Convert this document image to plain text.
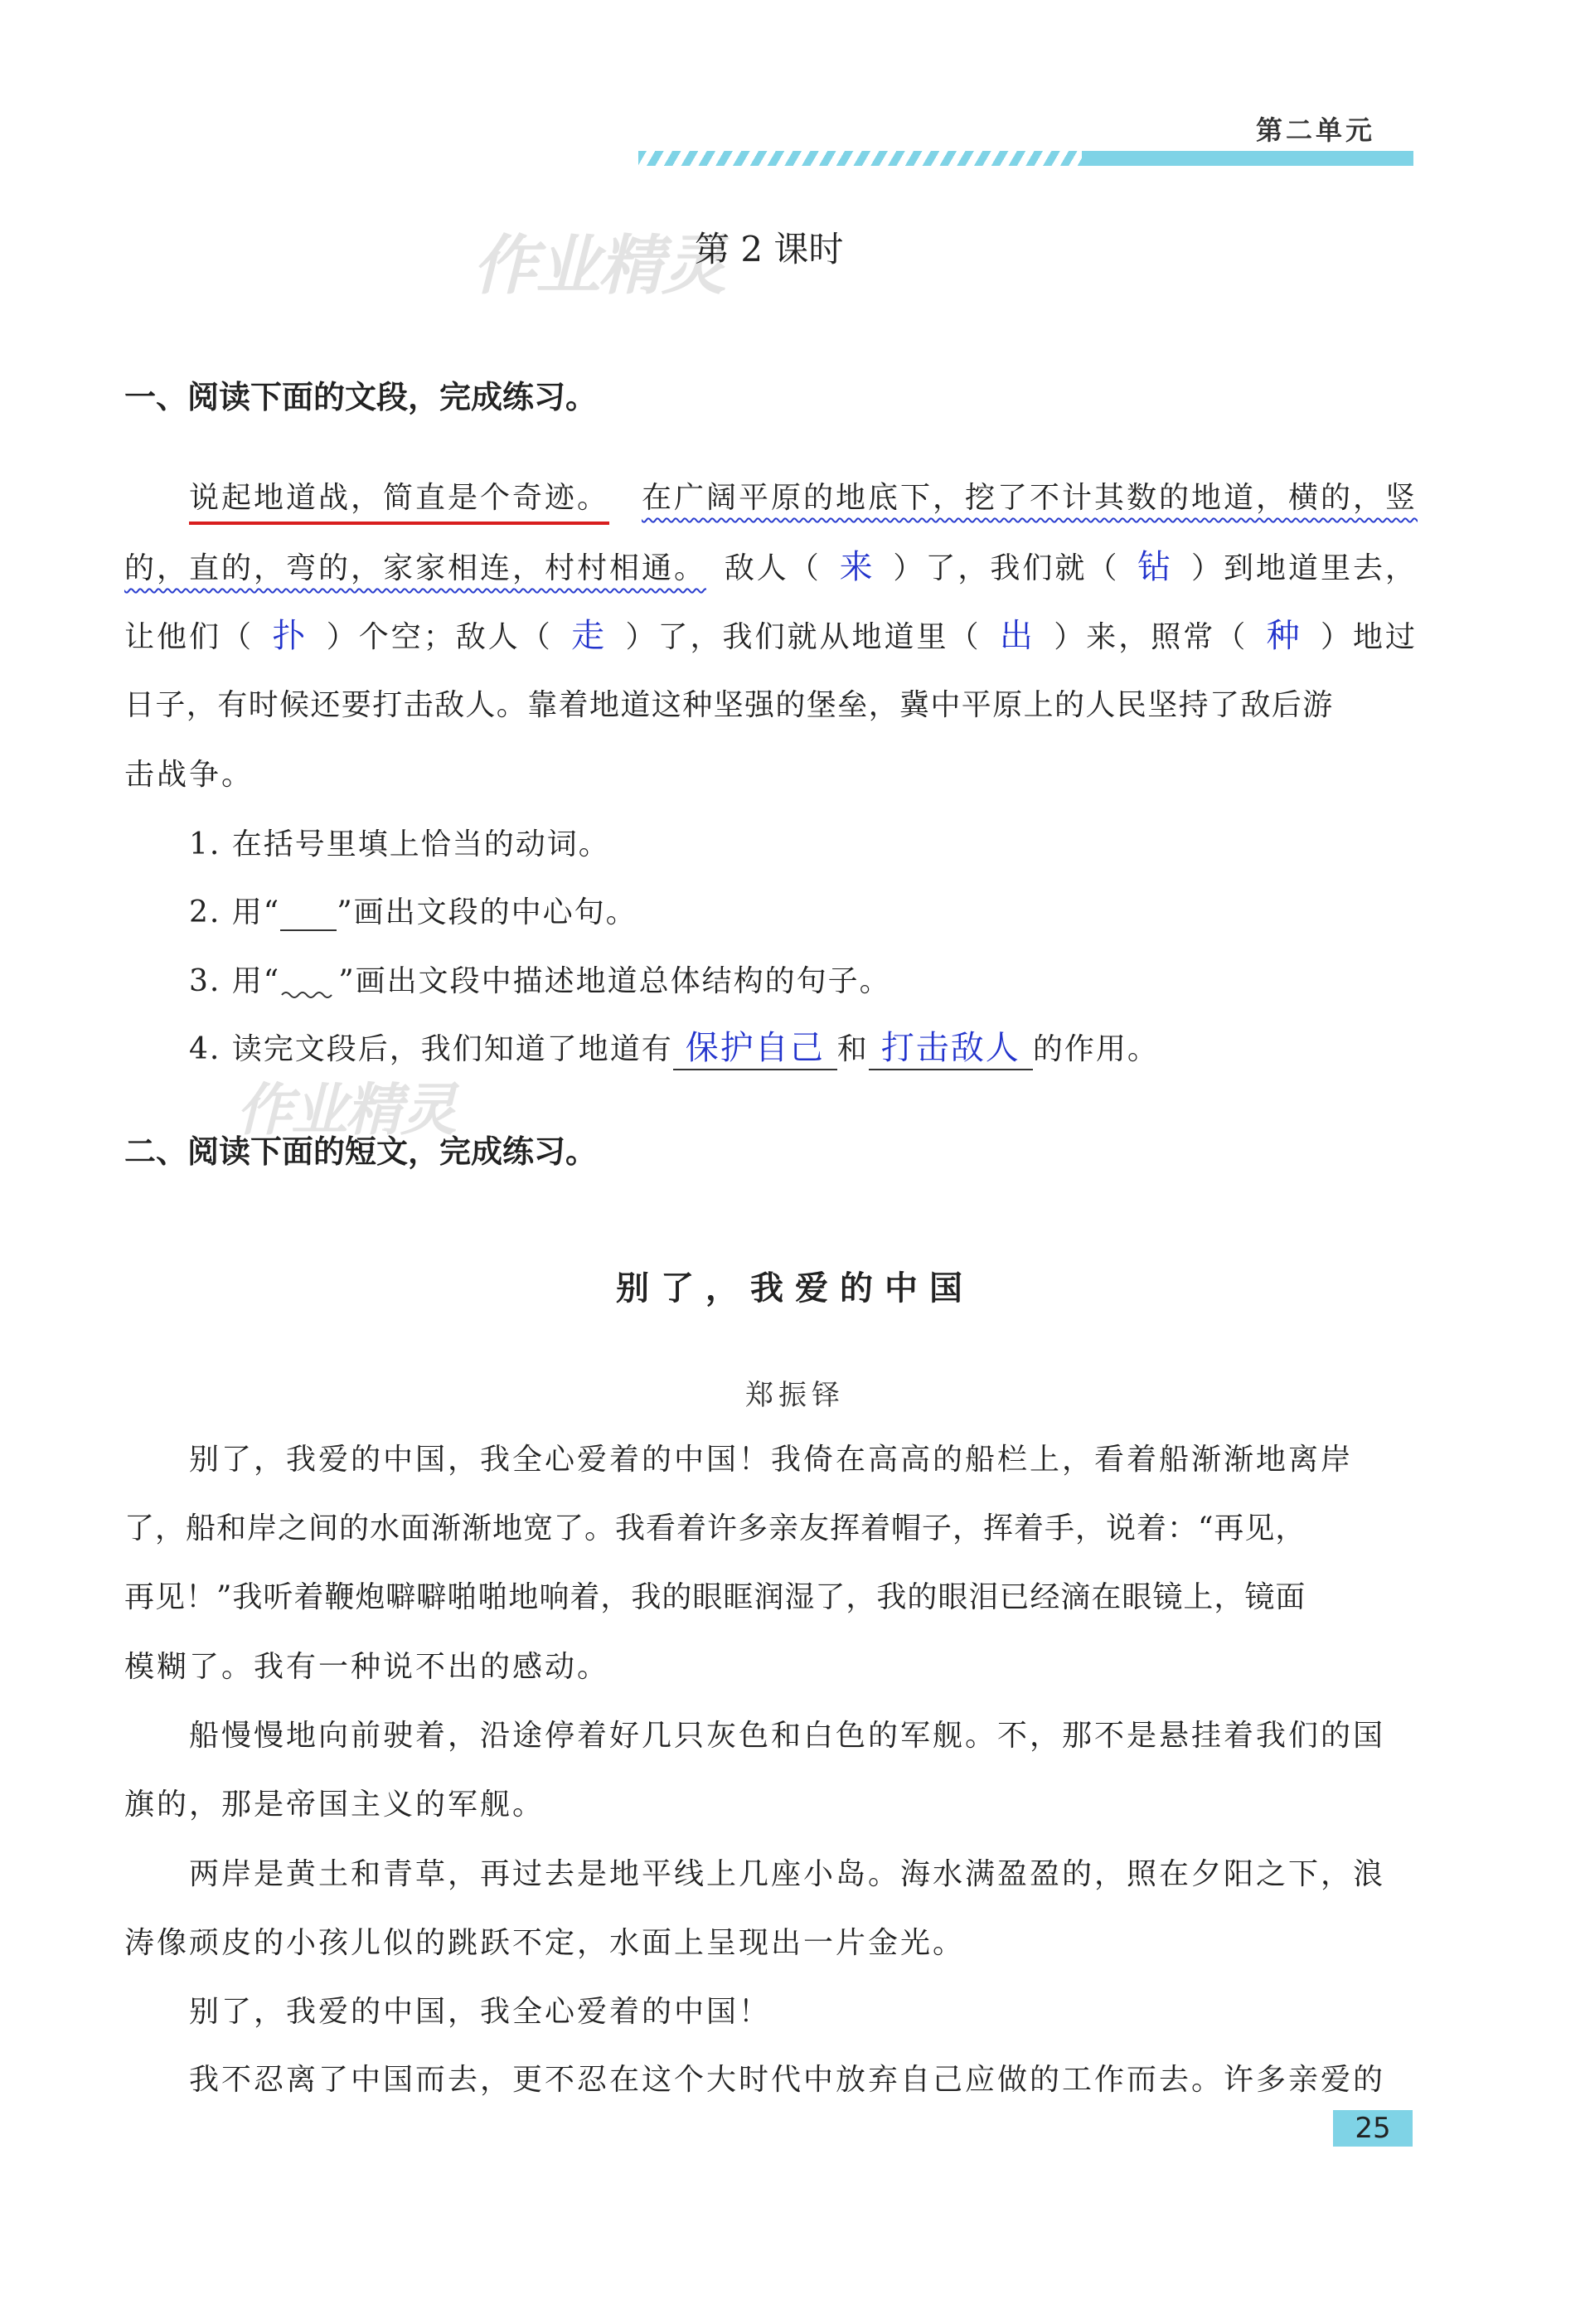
第二单元
作业精灵
第 2 课时
一、阅读下面的文段，完成练习。
说起地道战，简直是个奇迹。 在广阔平原的地底下，挖了不计其数的地道，横的，竖
的，直的，弯的，家家相连，村村相通。 敌人（ 来 ）了，我们就（ 钻 ）到地道里去，
让他们（ 扑 ）个空；敌人（ 走 ）了，我们就从地道里（ 出 ）来，照常（ 种 ）地过
日子，有时候还要打击敌人。靠着地道这种坚强的堡垒，冀中平原上的人民坚持了敌后游
击战争。
1. 在括号里填上恰当的动词。
2. 用“ ”画出文段的中心句。
3. 用“ ”画出文段中描述地道总体结构的句子。
4. 读完文段后，我们知道了地道有 保护自己 和 打击敌人 的作用。
作业精灵
二、阅读下面的短文，完成练习。
别了，我爱的中国
郑振铎
别了，我爱的中国，我全心爱着的中国！我倚在高高的船栏上，看着船渐渐地离岸
了，船和岸之间的水面渐渐地宽了。我看着许多亲友挥着帽子，挥着手，说着：“再见，
再见！”我听着鞭炮噼噼啪啪地响着，我的眼眶润湿了，我的眼泪已经滴在眼镜上，镜面
模糊了。我有一种说不出的感动。
船慢慢地向前驶着，沿途停着好几只灰色和白色的军舰。不，那不是悬挂着我们的国
旗的，那是帝国主义的军舰。
两岸是黄土和青草，再过去是地平线上几座小岛。海水满盈盈的，照在夕阳之下，浪
涛像顽皮的小孩儿似的跳跃不定，水面上呈现出一片金光。
别了，我爱的中国，我全心爱着的中国！
我不忍离了中国而去，更不忍在这个大时代中放弃自己应做的工作而去。许多亲爱的
25
